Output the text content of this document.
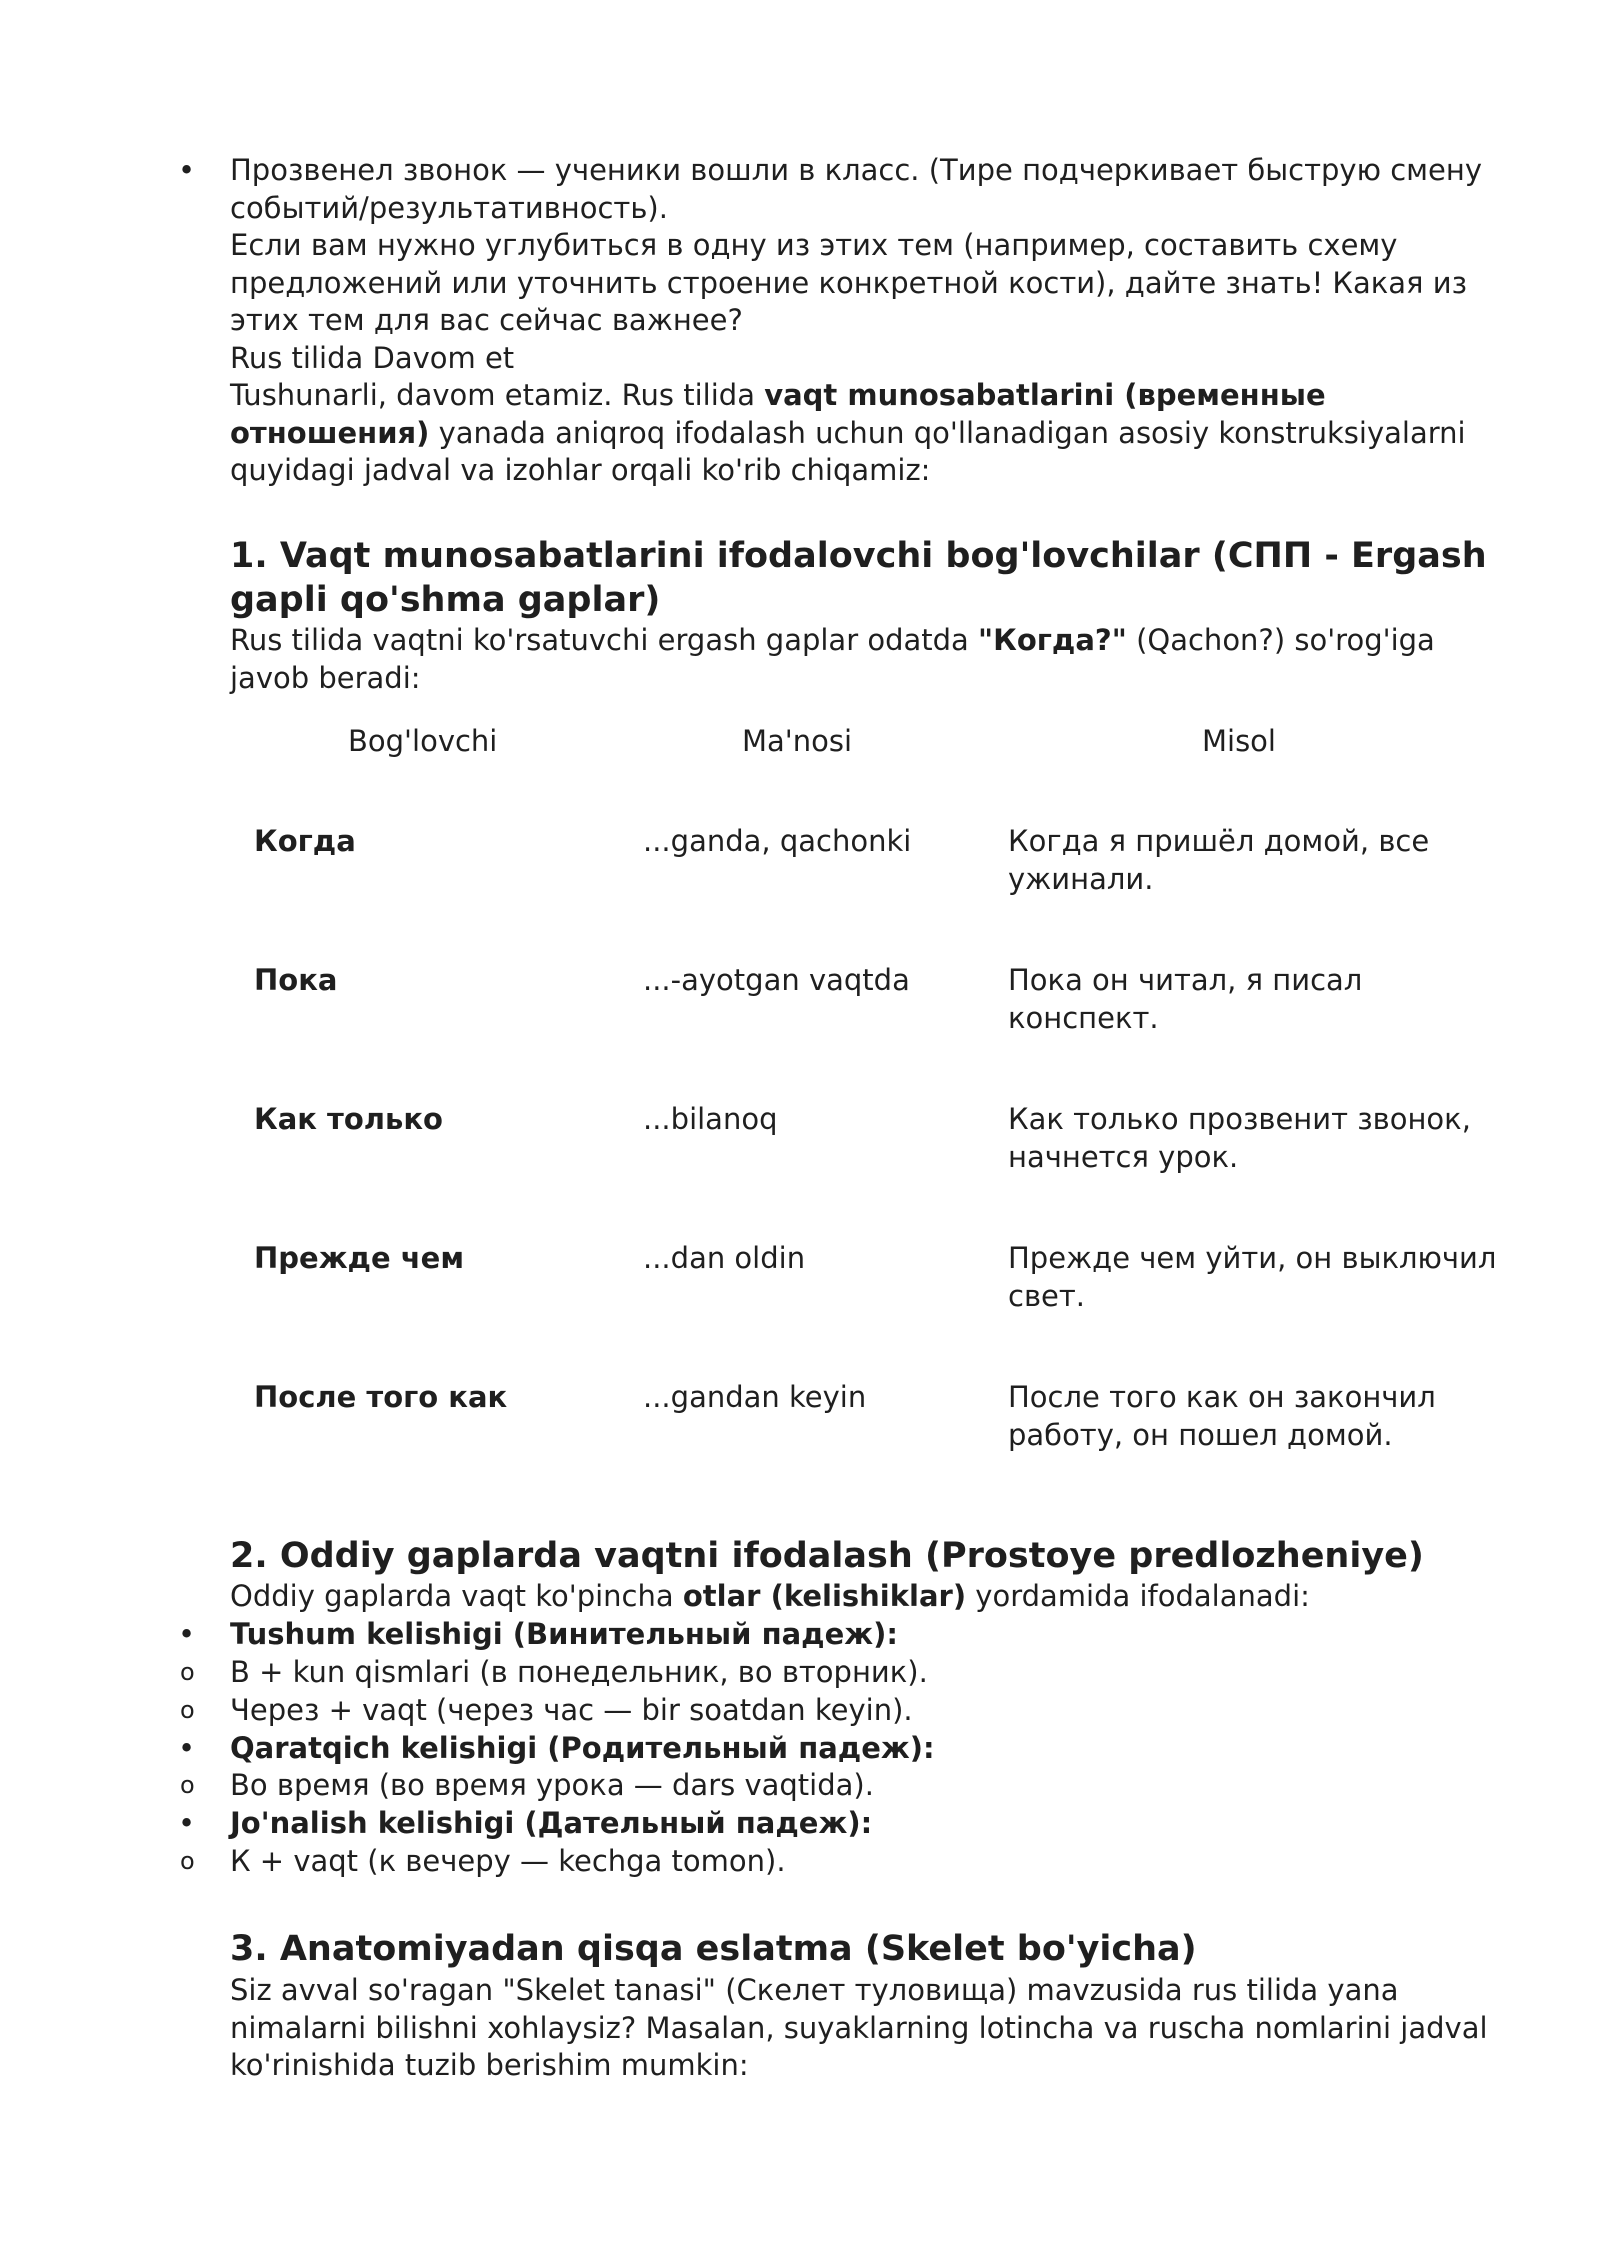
• Прозвенел звонок — ученики вошли в класс. (Тире подчеркивает быструю смену событий/результативность).
Если вам нужно углубиться в одну из этих тем (например, составить схему предложений или уточнить строение конкретной кости), дайте знать! Какая из этих тем для вас сейчас важнее?
Rus tilida Davom et
Tushunarli, davom etamiz. Rus tilida vaqt munosabatlarini (временные отношения) yanada aniqroq ifodalash uchun qo'llanadigan asosiy konstruksiyalarni quyidagi jadval va izohlar orqali ko'rib chiqamiz:
1. Vaqt munosabatlarini ifodalovchi bog'lovchilar (СПП - Ergash gapli qo'shma gaplar)
Rus tilida vaqtni ko'rsatuvchi ergash gaplar odatda "Когда?" (Qachon?) so'rog'iga javob beradi:
Bog'lovchi	Ma'nosi	Misol
Когда	...ganda, qachonki	Когда я пришёл домой, все ужинали.
Пока	...-ayotgan vaqtda	Пока он читал, я писал конспект.
Как только	...bilanoq	Как только прозвенит звонок, начнется урок.
Прежде чем	...dan oldin	Прежде чем уйти, он выключил свет.
После того как	...gandan keyin	После того как он закончил работу, он пошел домой.
2. Oddiy gaplarda vaqtni ifodalash (Prostoye predlozheniye)
Oddiy gaplarda vaqt ko'pincha otlar (kelishiklar) yordamida ifodalanadi:
• Tushum kelishigi (Винительный падеж):
o В + kun qismlari (в понедельник, во вторник).
o Через + vaqt (через час — bir soatdan keyin).
• Qaratqich kelishigi (Родительный падеж):
o Во время (во время урока — dars vaqtida).
• Jo'nalish kelishigi (Дательный падеж):
o К + vaqt (к вечеру — kechga tomon).
3. Anatomiyadan qisqa eslatma (Skelet bo'yicha)
Siz avval so'ragan "Skelet tanasi" (Скелет туловища) mavzusida rus tilida yana nimalarni bilishni xohlaysiz? Masalan, suyaklarning lotincha va ruscha nomlarini jadval ko'rinishida tuzib berishim mumkin:
